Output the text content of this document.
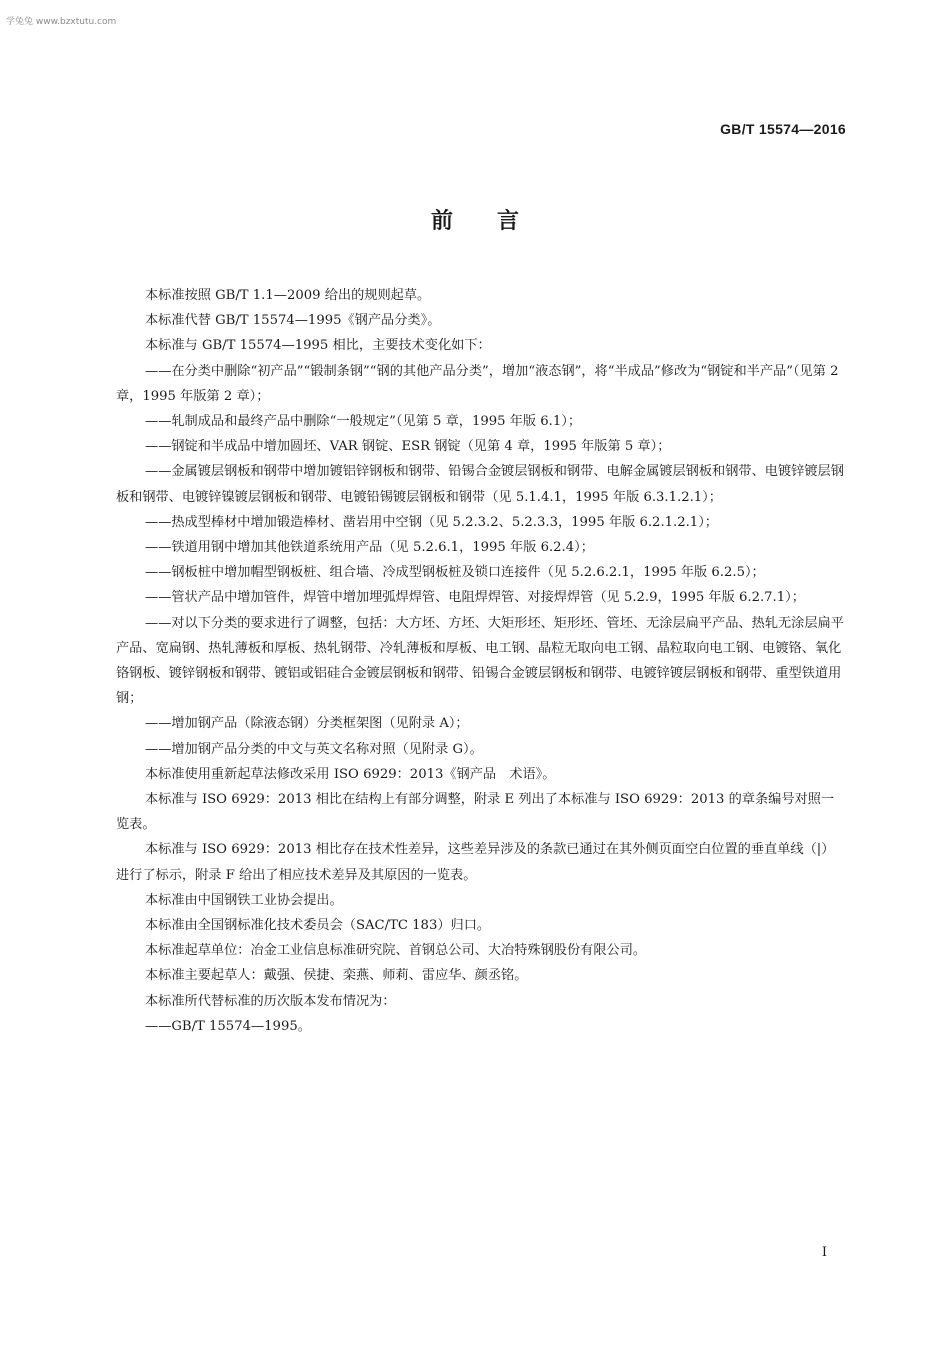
学兔兔 www.bzxtutu.com
GB/T 15574—2016
前言

本标准按照 GB/T 1.1—2009 给出的规则起草。

本标准代替 GB/T 15574—1995《钢产品分类》。

本标准与 GB/T 15574—1995 相比，主要技术变化如下：

——在分类中删除“初产品”“锻制条钢”“钢的其他产品分类”，增加“液态钢”，将“半成品”修改为“钢锭和半产品”（见第 2 章，1995 年版第 2 章）；

——轧制成品和最终产品中删除“一般规定”（见第 5 章，1995 年版 6.1）；

——钢锭和半成品中增加圆坯、VAR 钢锭、ESR 钢锭（见第 4 章，1995 年版第 5 章）；

——金属镀层钢板和钢带中增加镀铝锌钢板和钢带、铅锡合金镀层钢板和钢带、电解金属镀层钢板和钢带、电镀锌镀层钢板和钢带、电镀锌镍镀层钢板和钢带、电镀铅锡镀层钢板和钢带（见 5.1.4.1，1995 年版 6.3.1.2.1）；

——热成型棒材中增加锻造棒材、凿岩用中空钢（见 5.2.3.2、5.2.3.3，1995 年版 6.2.1.2.1）；

——铁道用钢中增加其他铁道系统用产品（见 5.2.6.1，1995 年版 6.2.4）；

——钢板桩中增加帽型钢板桩、组合墙、冷成型钢板桩及锁口连接件（见 5.2.6.2.1，1995 年版 6.2.5）；

——管状产品中增加管件，焊管中增加埋弧焊焊管、电阻焊焊管、对接焊焊管（见 5.2.9，1995 年版 6.2.7.1）；

——对以下分类的要求进行了调整，包括：大方坯、方坯、大矩形坯、矩形坯、管坯、无涂层扁平产品、热轧无涂层扁平产品、宽扁钢、热轧薄板和厚板、热轧钢带、冷轧薄板和厚板、电工钢、晶粒无取向电工钢、晶粒取向电工钢、电镀铬、氧化铬钢板、镀锌钢板和钢带、镀铝或铝硅合金镀层钢板和钢带、铅锡合金镀层钢板和钢带、电镀锌镀层钢板和钢带、重型铁道用钢；

——增加钢产品（除液态钢）分类框架图（见附录 A）；

——增加钢产品分类的中文与英文名称对照（见附录 G）。

本标准使用重新起草法修改采用 ISO 6929：2013《钢产品　术语》。

本标准与 ISO 6929：2013 相比在结构上有部分调整，附录 E 列出了本标准与 ISO 6929：2013 的章条编号对照一览表。

本标准与 ISO 6929：2013 相比存在技术性差异，这些差异涉及的条款已通过在其外侧页面空白位置的垂直单线（|）进行了标示，附录 F 给出了相应技术差异及其原因的一览表。

本标准由中国钢铁工业协会提出。

本标准由全国钢标准化技术委员会（SAC/TC 183）归口。

本标准起草单位：冶金工业信息标准研究院、首钢总公司、大冶特殊钢股份有限公司。

本标准主要起草人：戴强、侯捷、栾燕、师莉、雷应华、颜丞铭。

本标准所代替标准的历次版本发布情况为：

——GB/T 15574—1995。

I
